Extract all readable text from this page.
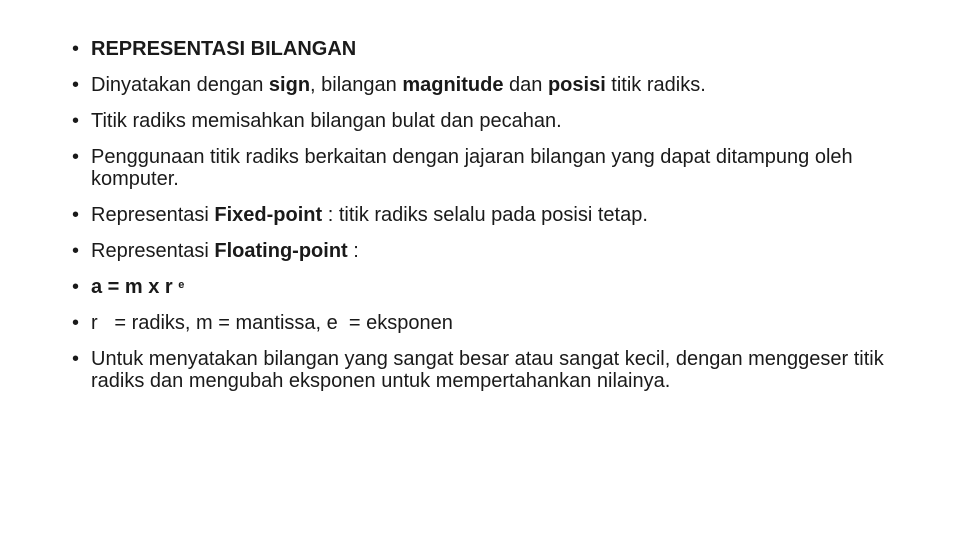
• REPRESENTASI BILANGAN
• Dinyatakan dengan sign, bilangan magnitude dan posisi titik radiks.
• Titik radiks memisahkan bilangan bulat dan pecahan.
• Penggunaan titik radiks berkaitan dengan jajaran bilangan yang dapat ditampung oleh komputer.
• Representasi Fixed-point : titik radiks selalu pada posisi tetap.
• Representasi Floating-point :
• a = m x r $^e$
• r   = radiks, m = mantissa, e  = eksponen
• Untuk menyatakan bilangan yang sangat besar atau sangat kecil, dengan menggeser titik radiks dan mengubah eksponen untuk mempertahankan nilainya.
